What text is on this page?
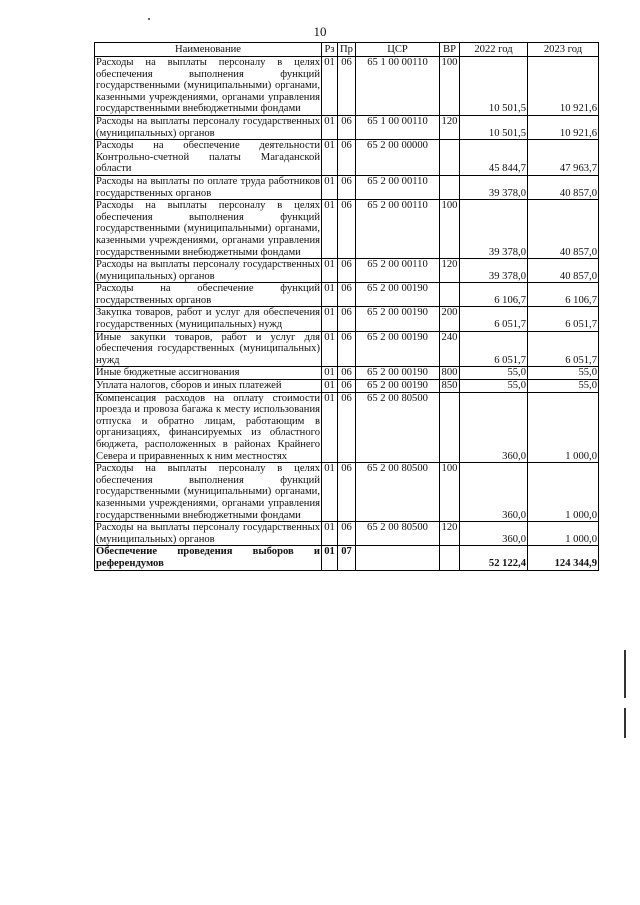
10
Наименование	Рз	Пр	ЦСР	ВР	2022 год	2023 год
Расходы на выплаты персоналу в целях обеспечения выполнения функций государственными (муниципальными) органами, казенными учреждениями, органами управления государственными внебюджетными фондами	01	06	65 1 00 00110	100	10 501,5	10 921,6
Расходы на выплаты персоналу государственных (муниципальных) органов	01	06	65 1 00 00110	120	10 501,5	10 921,6
Расходы на обеспечение деятельности Контрольно-счетной палаты Магаданской области	01	06	65 2 00 00000		45 844,7	47 963,7
Расходы на выплаты по оплате труда работников государственных органов	01	06	65 2 00 00110		39 378,0	40 857,0
Расходы на выплаты персоналу в целях обеспечения выполнения функций государственными (муниципальными) органами, казенными учреждениями, органами управления государственными внебюджетными фондами	01	06	65 2 00 00110	100	39 378,0	40 857,0
Расходы на выплаты персоналу государственных (муниципальных) органов	01	06	65 2 00 00110	120	39 378,0	40 857,0
Расходы на обеспечение функций государственных органов	01	06	65 2 00 00190		6 106,7	6 106,7
Закупка товаров, работ и услуг для обеспечения государственных (муниципальных) нужд	01	06	65 2 00 00190	200	6 051,7	6 051,7
Иные закупки товаров, работ и услуг для обеспечения государственных (муниципальных) нужд	01	06	65 2 00 00190	240	6 051,7	6 051,7
Иные бюджетные ассигнования	01	06	65 2 00 00190	800	55,0	55,0
Уплата налогов, сборов и иных платежей	01	06	65 2 00 00190	850	55,0	55,0
Компенсация расходов на оплату стоимости проезда и провоза багажа к месту использования отпуска и обратно лицам, работающим в организациях, финансируемых из областного бюджета, расположенных в районах Крайнего Севера и приравненных к ним местностях	01	06	65 2 00 80500		360,0	1 000,0
Расходы на выплаты персоналу в целях обеспечения выполнения функций государственными (муниципальными) органами, казенными учреждениями, органами управления государственными внебюджетными фондами	01	06	65 2 00 80500	100	360,0	1 000,0
Расходы на выплаты персоналу государственных (муниципальных) органов	01	06	65 2 00 80500	120	360,0	1 000,0
Обеспечение проведения выборов и референдумов	01	07			52 122,4	124 344,9
